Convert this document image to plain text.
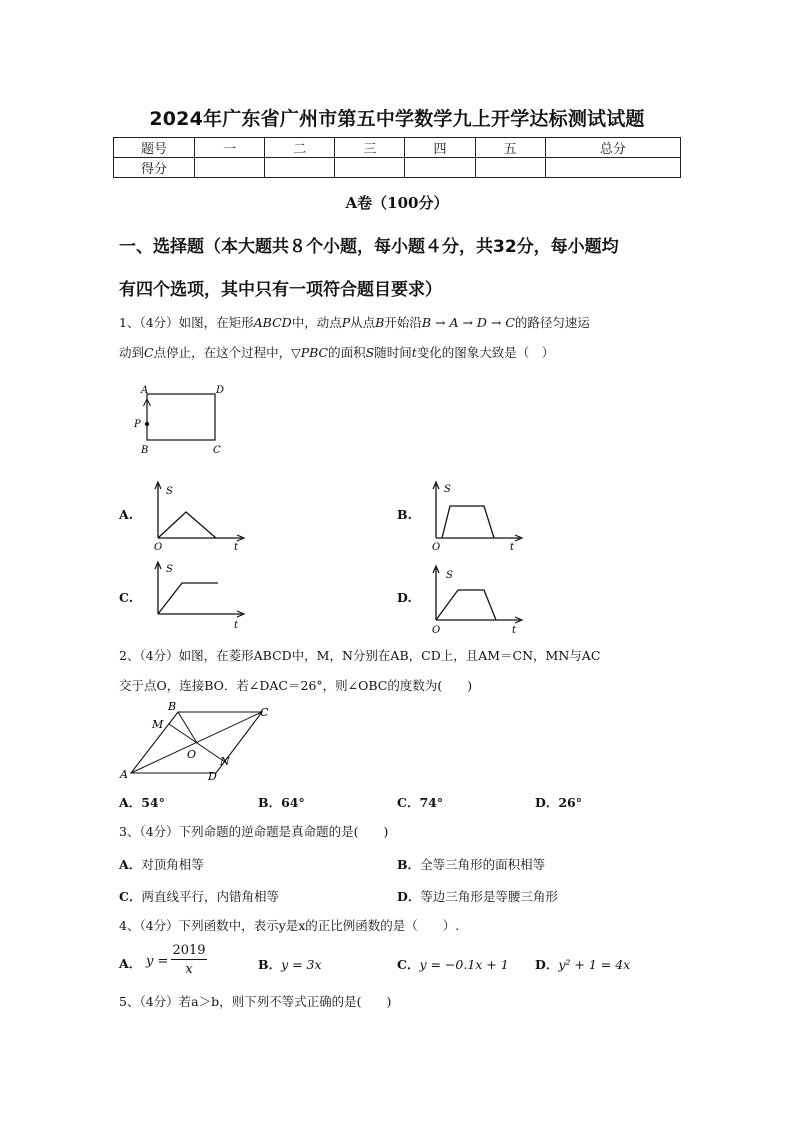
2024年广东省广州市第五中学数学九上开学达标测试试题
题号	一	二	三	四	五	总分
得分						
A卷（100分）
一、选择题（本大题共８个小题，每小题４分，共32分，每小题均
有四个选项，其中只有一项符合题目要求）
1、（4分）如图，在矩形ABCD中，动点P从点B开始沿B → A → D → C的路径匀速运
动到C点停止，在这个过程中，▽PBC的面积S随时间t变化的图象大致是（　）
A	D
P
B	C
A.
S
O	t
B.
S
O	t
C.
S
t
D.
S
O	t
2、（4分）如图，在菱形ABCD中，M，N分别在AB，CD上，且AM＝CN，MN与AC
交于点O，连接BO．若∠DAC＝26°，则∠OBC的度数为(　　)
B	C
M
O
N
A	D
A．54°	B．64°	C．74°	D．26°
3、（4分）下列命题的逆命题是真命题的是(　　)
A．对顶角相等	B．全等三角形的面积相等
C．两直线平行，内错角相等	D．等边三角形是等腰三角形
4、（4分）下列函数中，表示y是x的正比例函数的是（　　）.
A． y =
2019
x	B．y = 3x	C．y = −0.1x + 1 D．y² + 1 = 4x
5、（4分）若a＞b，则下列不等式正确的是(　　)
